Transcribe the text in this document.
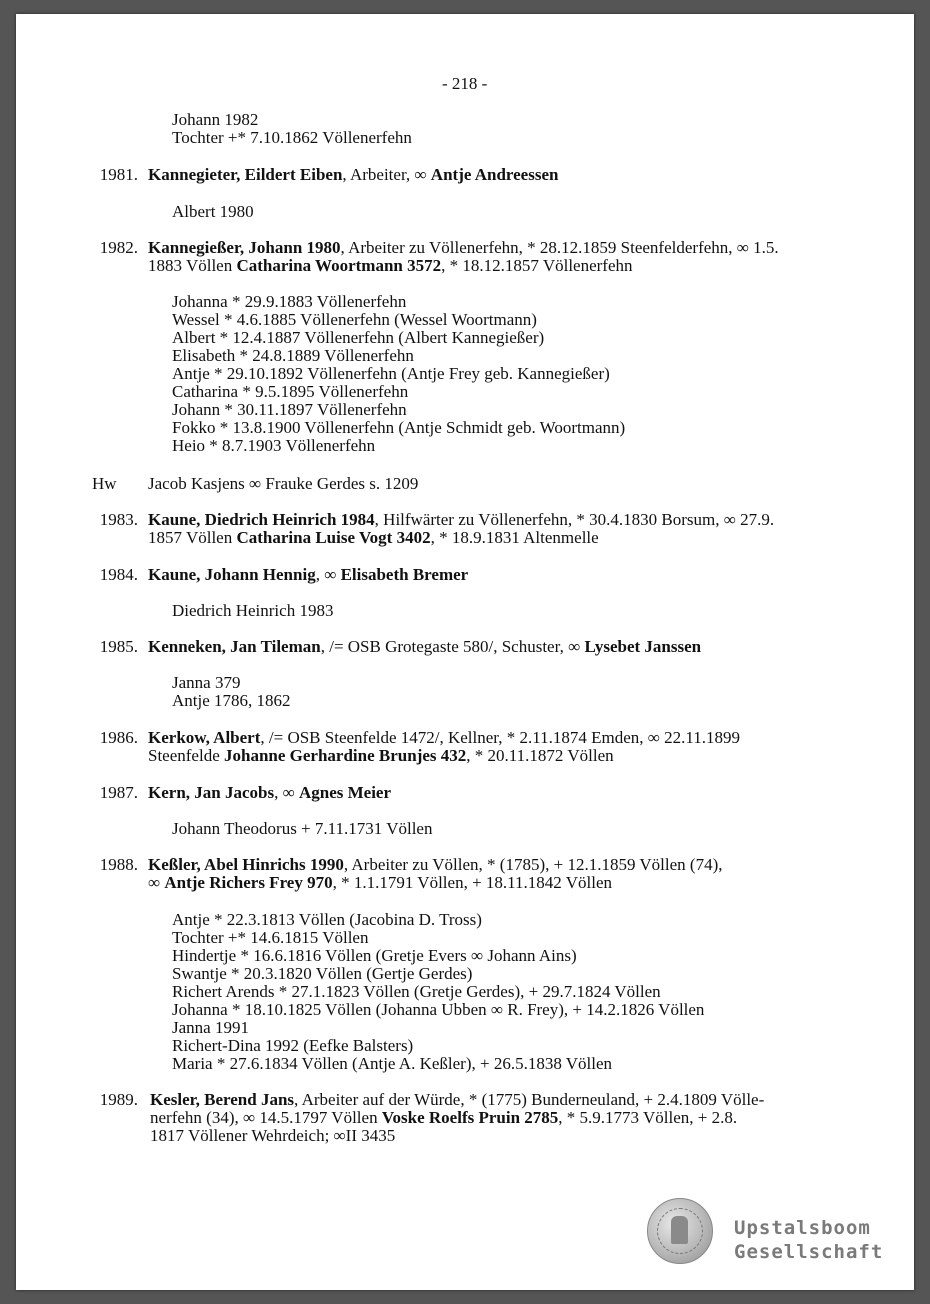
- 218 -
Johann 1982
Tochter +* 7.10.1862 Völlenerfehn
1981. Kannegieter, Eildert Eiben, Arbeiter, ∞ Antje Andreessen
Albert 1980
1982. Kannegießer, Johann 1980, Arbeiter zu Völlenerfehn, * 28.12.1859 Steenfelderfehn, ∞ 1.5.
1883 Völlen Catharina Woortmann 3572, * 18.12.1857 Völlenerfehn
Johanna * 29.9.1883 Völlenerfehn
Wessel * 4.6.1885 Völlenerfehn (Wessel Woortmann)
Albert * 12.4.1887 Völlenerfehn (Albert Kannegießer)
Elisabeth * 24.8.1889 Völlenerfehn
Antje * 29.10.1892 Völlenerfehn (Antje Frey geb. Kannegießer)
Catharina * 9.5.1895 Völlenerfehn
Johann * 30.11.1897 Völlenerfehn
Fokko * 13.8.1900 Völlenerfehn (Antje Schmidt geb. Woortmann)
Heio * 8.7.1903 Völlenerfehn
Hw Jacob Kasjens ∞ Frauke Gerdes s. 1209
1983. Kaune, Diedrich Heinrich 1984, Hilfwärter zu Völlenerfehn, * 30.4.1830 Borsum, ∞ 27.9.
1857 Völlen Catharina Luise Vogt 3402, * 18.9.1831 Altenmelle
1984. Kaune, Johann Hennig, ∞ Elisabeth Bremer
Diedrich Heinrich 1983
1985. Kenneken, Jan Tileman, /= OSB Grotegaste 580/, Schuster, ∞ Lysebet Janssen
Janna 379
Antje 1786, 1862
1986. Kerkow, Albert, /= OSB Steenfelde 1472/, Kellner, * 2.11.1874 Emden, ∞ 22.11.1899
Steenfelde Johanne Gerhardine Brunjes 432, * 20.11.1872 Völlen
1987. Kern, Jan Jacobs, ∞ Agnes Meier
Johann Theodorus + 7.11.1731 Völlen
1988. Keßler, Abel Hinrichs 1990, Arbeiter zu Völlen, * (1785), + 12.1.1859 Völlen (74),
∞ Antje Richers Frey 970, * 1.1.1791 Völlen, + 18.11.1842 Völlen
Antje * 22.3.1813 Völlen (Jacobina D. Tross)
Tochter +* 14.6.1815 Völlen
Hindertje * 16.6.1816 Völlen (Gretje Evers ∞ Johann Ains)
Swantje * 20.3.1820 Völlen (Gertje Gerdes)
Richert Arends * 27.1.1823 Völlen (Gretje Gerdes), + 29.7.1824 Völlen
Johanna * 18.10.1825 Völlen (Johanna Ubben ∞ R. Frey), + 14.2.1826 Völlen
Janna 1991
Richert-Dina 1992 (Eefke Balsters)
Maria * 27.6.1834 Völlen (Antje A. Keßler), + 26.5.1838 Völlen
1989. Kesler, Berend Jans, Arbeiter auf der Würde, * (1775) Bunderneuland, + 2.4.1809 Völle-
nerfehn (34), ∞ 14.5.1797 Völlen Voske Roelfs Pruin 2785, * 5.9.1773 Völlen, + 2.8.
1817 Völlener Wehrdeich; ∞II 3435
Upstalsboom
Gesellschaft
